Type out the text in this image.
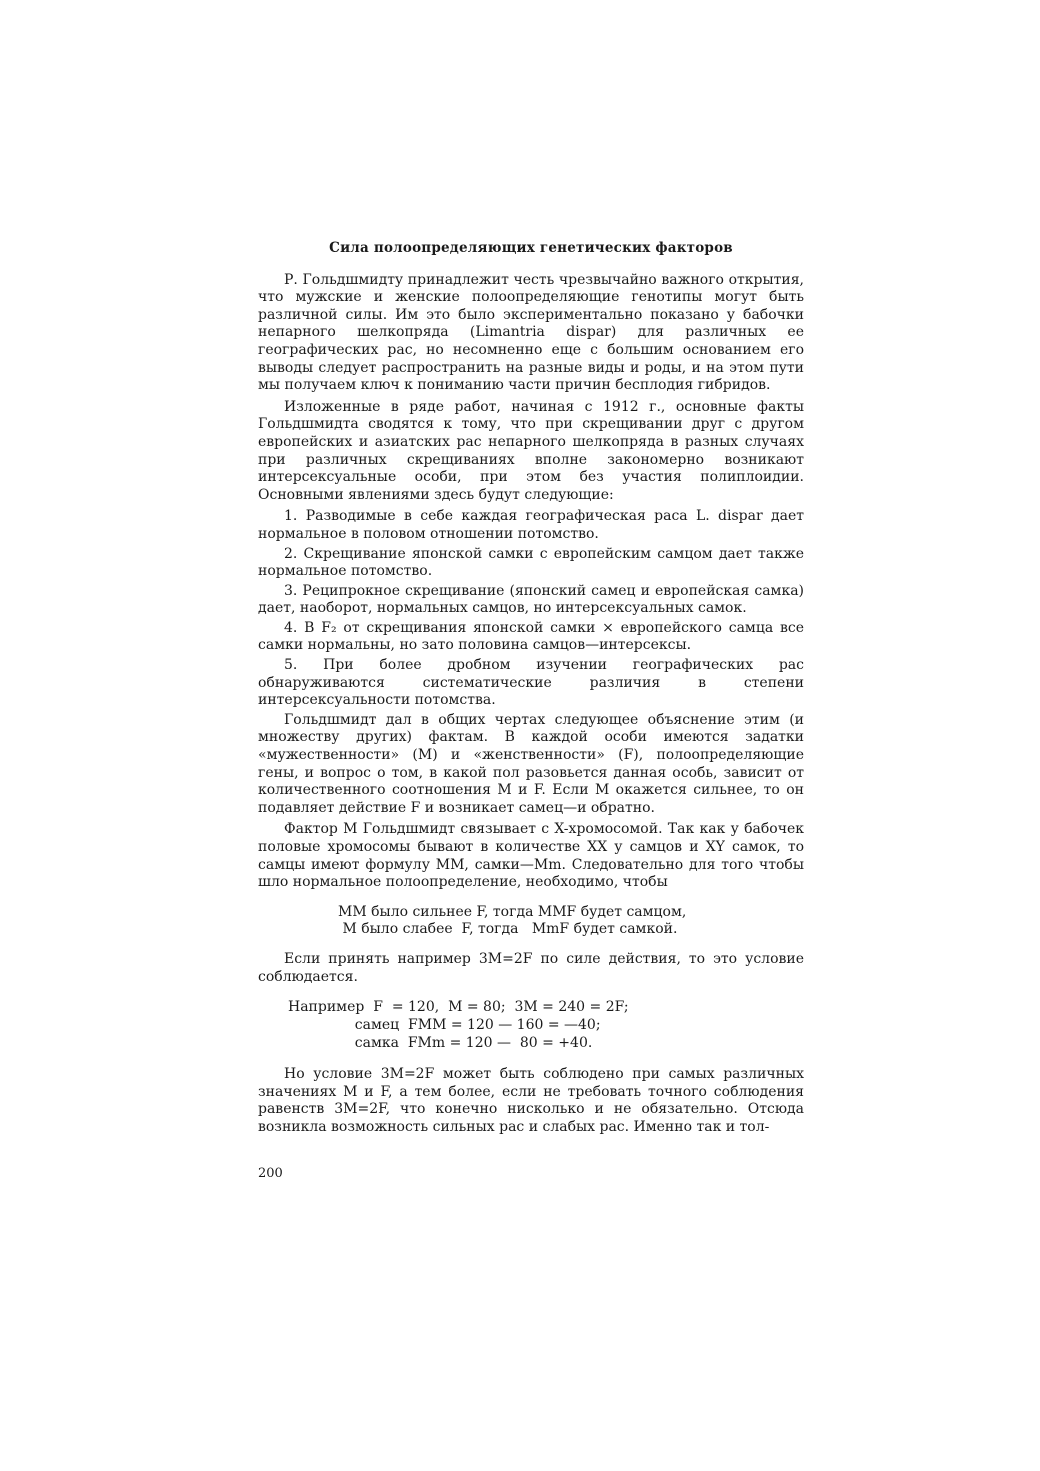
Сила полоопределяющих генетических факторов

Р. Гольдшмидту принадлежит честь чрезвычайно важного открытия, что мужские и женские полоопределяющие генотипы могут быть различной силы. Им это было экспериментально показано у бабочки непарного шелкопряда (Limantria dispar) для различных ее географических рас, но несомненно еще с большим основанием его выводы следует распространить на разные виды и роды, и на этом пути мы получаем ключ к пониманию части причин бесплодия гибридов.

Изложенные в ряде работ, начиная с 1912 г., основные факты Гольдшмидта сводятся к тому, что при скрещивании друг с другом европейских и азиатских рас непарного шелкопряда в разных случаях при различных скрещиваниях вполне закономерно возникают интерсексуальные особи, при этом без участия полиплоидии. Основными явлениями здесь будут следующие:

1. Разводимые в себе каждая географическая раса L. dispar дает нормальное в половом отношении потомство.

2. Скрещивание японской самки с европейским самцом дает также нормальное потомство.

3. Реципрокное скрещивание (японский самец и европейская самка) дает, наоборот, нормальных самцов, но интерсексуальных самок.

4. В F₂ от скрещивания японской самки × европейского самца все самки нормальны, но зато половина самцов—интерсексы.

5. При более дробном изучении географических рас обнаруживаются систематические различия в степени интерсексуальности потомства.

Гольдшмидт дал в общих чертах следующее объяснение этим (и множеству других) фактам. В каждой особи имеются задатки «мужественности» (М) и «женственности» (F), полоопределяющие гены, и вопрос о том, в какой пол разовьется данная особь, зависит от количественного соотношения М и F. Если М окажется сильнее, то он подавляет действие F и возникает самец—и обратно.

Фактор М Гольдшмидт связывает с X-хромосомой. Так как у бабочек половые хромосомы бывают в количестве XX у самцов и XY самок, то самцы имеют формулу ММ, самки—Mm. Следовательно для того чтобы шло нормальное полоопределение, необходимо, чтобы

ММ было сильнее F, тогда MMF будет самцом,
М было слабее  F, тогда   MmF будет самкой.

Если принять например 3M=2F по силе действия, то это условие соблюдается.

Например  F  = 120,  M = 80;  3M = 240 = 2F;
самец  FMM = 120 — 160 = —40;
самка  FMm = 120 —  80 = +40.

Но условие 3M=2F может быть соблюдено при самых различных значениях М и F, а тем более, если не требовать точного соблюдения равенств 3M=2F, что конечно нисколько и не обязательно. Отсюда возникла возможность сильных рас и слабых рас. Именно так и тол-

200
